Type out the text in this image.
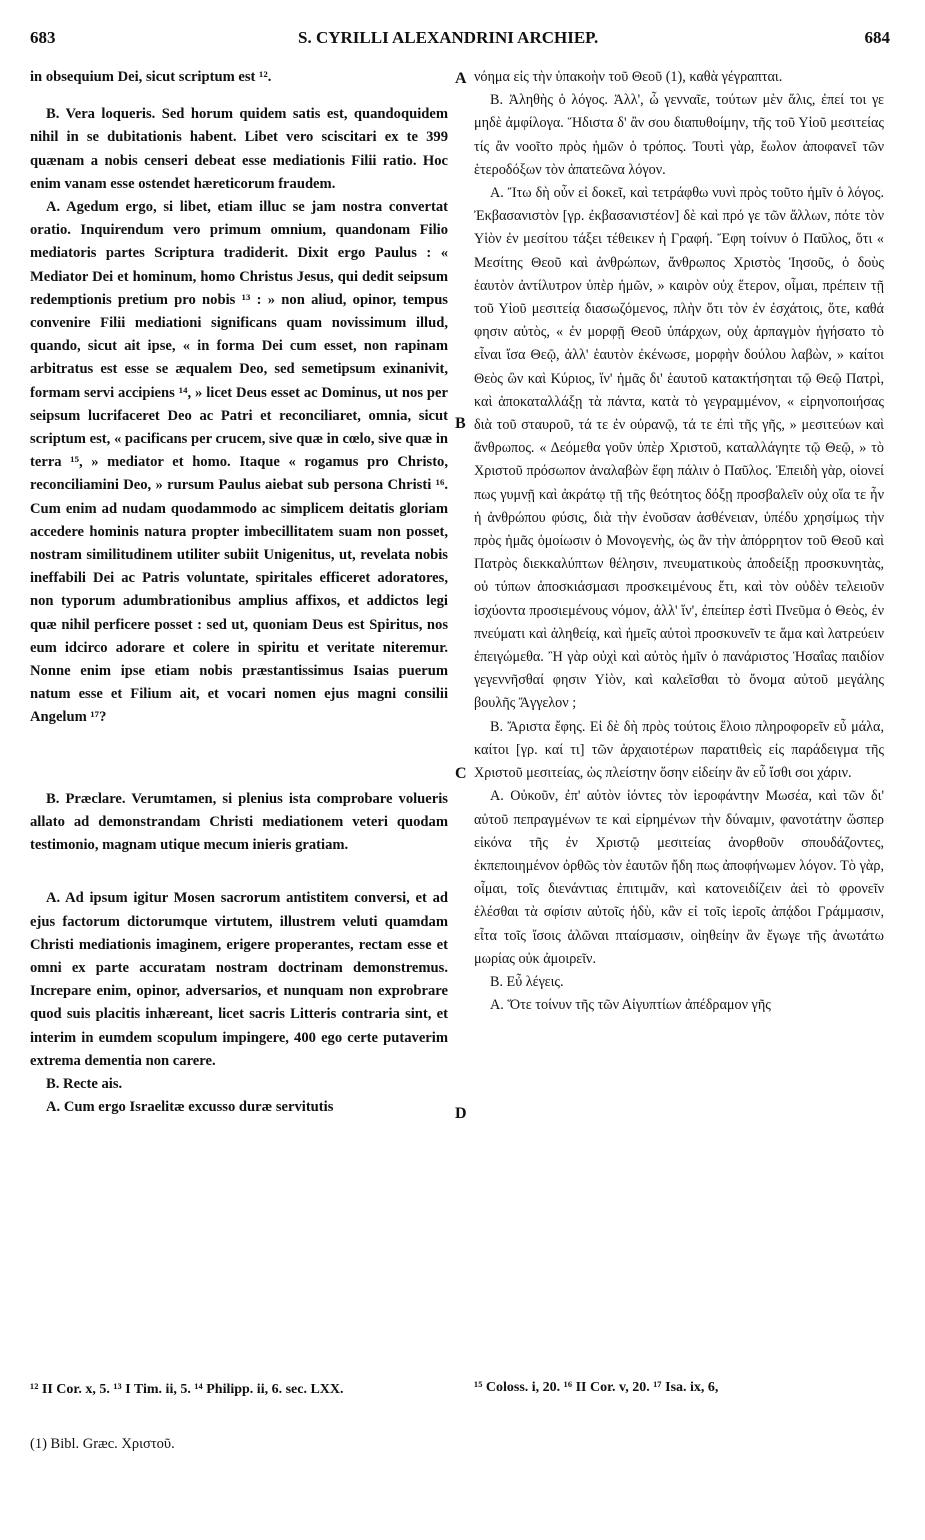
683	S. CYRILLI ALEXANDRINI ARCHIEP.	684

in obsequium Dei, sicut scriptum est ¹².

B. Vera loqueris. Sed horum quidem satis est, quandoquidem nihil in se dubitationis habent. Libet vero sciscitari ex te 399 quænam a nobis censeri debeat esse mediationis Filii ratio. Hoc enim vanam esse ostendet hæreticorum fraudem.

A. Agedum ergo, si libet, etiam illuc se jam nostra convertat oratio. Inquirendum vero primum omnium, quandonam Filio mediatoris partes Scriptura tradiderit. Dixit ergo Paulus : « Mediator Dei et hominum, homo Christus Jesus, qui dedit seipsum redemptionis pretium pro nobis ¹³ : » non aliud, opinor, tempus convenire Filii mediationi significans quam novissimum illud, quando, sicut ait ipse, « in forma Dei cum esset, non rapinam arbitratus est esse se æqualem Deo, sed semetipsum exinanivit, formam servi accipiens ¹⁴, » licet Deus esset ac Dominus, ut nos per seipsum lucrifaceret Deo ac Patri et reconciliaret, omnia, sicut scriptum est, « pacificans per crucem, sive quæ in cœlo, sive quæ in terra ¹⁵, » mediator et homo. Itaque « rogamus pro Christo, reconciliamini Deo, » rursum Paulus aiebat sub persona Christi ¹⁶. Cum enim ad nudam quodammodo ac simplicem deitatis gloriam accedere hominis natura propter imbecillitatem suam non posset, nostram similitudinem utiliter subiit Unigenitus, ut, revelata nobis ineffabili Dei ac Patris voluntate, spiritales efficeret adoratores, non typorum adumbrationibus amplius affixos, et addictos legi quæ nihil perficere posset : sed ut, quoniam Deus est Spiritus, nos eum idcirco adorare et colere in spiritu et veritate niteremur. Nonne enim ipse etiam nobis præstantissimus Isaias puerum natum esse et Filium ait, et vocari nomen ejus magni consilii Angelum ¹⁷?

B. Præclare. Verumtamen, si plenius ista comprobare volueris allato ad demonstrandam Christi mediationem veteri quodam testimonio, magnam utique mecum inieris gratiam.

A. Ad ipsum igitur Mosen sacrorum antistitem conversi, et ad ejus factorum dictorumque virtutem, illustrem veluti quamdam Christi mediationis imaginem, erigere properantes, rectam esse et omni ex parte accuratam nostram doctrinam demonstremus. Increpare enim, opinor, adversarios, et nunquam non exprobrare quod suis placitis inhæreant, licet sacris Litteris contraria sint, et interim in eumdem scopulum impingere, 400 ego certe putaverim extrema dementia non carere.

B. Recte ais.

A. Cum ergo Israelitæ excusso duræ servitutis

νόημα εἰς τὴν ὑπακοὴν τοῦ Θεοῦ (1), καθὰ γέγραπται.

Β. Ἀληθὴς ὁ λόγος. Ἀλλ', ὦ γενναῖε, τούτων μὲν ἅλις, ἐπεί τοι γε μηδὲ ἀμφίλογα. Ἥδιστα δ' ἂν σου διαπυθοίμην, τῆς τοῦ Υἱοῦ μεσιτείας τίς ἂν νοοῖτο πρὸς ἡμῶν ὁ τρόπος. Τουτὶ γὰρ, ἔωλον ἀποφανεῖ τῶν ἑτεροδόξων τὸν ἀπατεῶνα λόγον.

Α. Ἴτω δὴ οὖν εἰ δοκεῖ, καὶ τετράφθω νυνὶ πρὸς τοῦτο ἡμῖν ὁ λόγος. Ἐκβασανιστὸν [γρ. ἐκβασανιστέον] δὲ καὶ πρό γε τῶν ἄλλων, πότε τὸν Υἱὸν ἐν μεσίτου τάξει τέθεικεν ἡ Γραφή. Ἔφη τοίνυν ὁ Παῦλος, ὅτι « Μεσίτης Θεοῦ καὶ ἀνθρώπων, ἄνθρωπος Χριστὸς Ἰησοῦς, ὁ δοὺς ἑαυτὸν ἀντίλυτρον ὑπὲρ ἡμῶν, » καιρὸν οὐχ ἕτερον, οἶμαι, πρέπειν τῇ τοῦ Υἱοῦ μεσιτείᾳ διασωζόμενος, πλὴν ὅτι τὸν ἐν ἐσχάτοις, ὅτε, καθά φησιν αὐτὸς, « ἐν μορφῇ Θεοῦ ὑπάρχων, οὐχ ἁρπαγμὸν ἡγήσατο τὸ εἶναι ἴσα Θεῷ, ἀλλ' ἑαυτὸν ἐκένωσε, μορφὴν δούλου λαβὼν, » καίτοι Θεὸς ὢν καὶ Κύριος, ἵν' ἡμᾶς δι' ἑαυτοῦ κατακτήσηται τῷ Θεῷ Πατρὶ, καὶ ἀποκαταλλάξῃ τὰ πάντα, κατὰ τὸ γεγραμμένον, « εἰρηνοποιήσας διὰ τοῦ σταυροῦ, τά τε ἐν οὐρανῷ, τά τε ἐπὶ τῆς γῆς, » μεσιτεύων καὶ ἄνθρωπος. « Δεόμεθα γοῦν ὑπὲρ Χριστοῦ, καταλλάγητε τῷ Θεῷ, » τὸ Χριστοῦ πρόσωπον ἀναλαβὼν ἔφη πάλιν ὁ Παῦλος. Ἐπειδὴ γὰρ, οἱονεί πως γυμνῇ καὶ ἀκράτῳ τῇ τῆς θεότητος δόξῃ προσβαλεῖν οὐχ οἵα τε ἦν ἡ ἀνθρώπου φύσις, διὰ τὴν ἐνοῦσαν ἀσθένειαν, ὑπέδυ χρησίμως τὴν πρὸς ἡμᾶς ὁμοίωσιν ὁ Μονογενὴς, ὡς ἂν τὴν ἀπόρρητον τοῦ Θεοῦ καὶ Πατρὸς διεκκαλύπτων θέλησιν, πνευματικοὺς ἀποδείξῃ προσκυνητὰς, οὐ τύπων ἀποσκιάσμασι προσκειμένους ἔτι, καὶ τὸν οὐδὲν τελειοῦν ἰσχύοντα προσιεμένους νόμον, ἀλλ' ἵν', ἐπείπερ ἐστὶ Πνεῦμα ὁ Θεὸς, ἐν πνεύματι καὶ ἀληθείᾳ, καὶ ἡμεῖς αὐτοὶ προσκυνεῖν τε ἅμα καὶ λατρεύειν ἐπειγώμεθα. Ἢ γὰρ οὐχὶ καὶ αὐτὸς ἡμῖν ὁ πανάριστος Ἡσαΐας παιδίον γεγεννῆσθαί φησιν Υἱὸν, καὶ καλεῖσθαι τὸ ὄνομα αὐτοῦ μεγάλης βουλῆς Ἄγγελον ;

Β. Ἄριστα ἔφης. Εἰ δὲ δὴ πρὸς τούτοις ἕλοιο πληροφορεῖν εὖ μάλα, καίτοι [γρ. καί τι] τῶν ἀρχαιοτέρων παρατιθεὶς εἰς παράδειγμα τῆς Χριστοῦ μεσιτείας, ὡς πλείστην ὅσην εἰδείην ἂν εὖ ἴσθι σοι χάριν.

Α. Οὐκοῦν, ἐπ' αὐτὸν ἰόντες τὸν ἱεροφάντην Μωσέα, καὶ τῶν δι' αὐτοῦ πεπραγμένων τε καὶ εἰρημένων τὴν δύναμιν, φανοτάτην ὥσπερ εἰκόνα τῆς ἐν Χριστῷ μεσιτείας ἀνορθοῦν σπουδάζοντες, ἐκπεποιημένον ὀρθῶς τὸν ἑαυτῶν ἤδη πως ἀποφήνωμεν λόγον. Τὸ γὰρ, οἶμαι, τοῖς διενάντιας ἐπιτιμᾶν, καὶ κατονειδίζειν ἀεὶ τὸ φρονεῖν ἑλέσθαι τὰ σφίσιν αὐτοῖς ἡδὺ, κἂν εἰ τοῖς ἱεροῖς ἀπᾴδοι Γράμμασιν, εἶτα τοῖς ἴσοις ἁλῶναι πταίσμασιν, οἰηθείην ἂν ἔγωγε τῆς ἀνωτάτω μωρίας οὐκ ἀμοιρεῖν.

Β. Εὖ λέγεις.

Α. Ὅτε τοίνυν τῆς τῶν Αἰγυπτίων ἀπέδραμον γῆς

A
B
C
D
¹² II Cor. x, 5. ¹³ I Tim. ii, 5. ¹⁴ Philipp. ii, 6. sec. LXX.	¹⁵ Coloss. i, 20. ¹⁶ II Cor. v, 20. ¹⁷ Isa. ix, 6,
(1) Bibl. Græc. Χριστοῦ.
